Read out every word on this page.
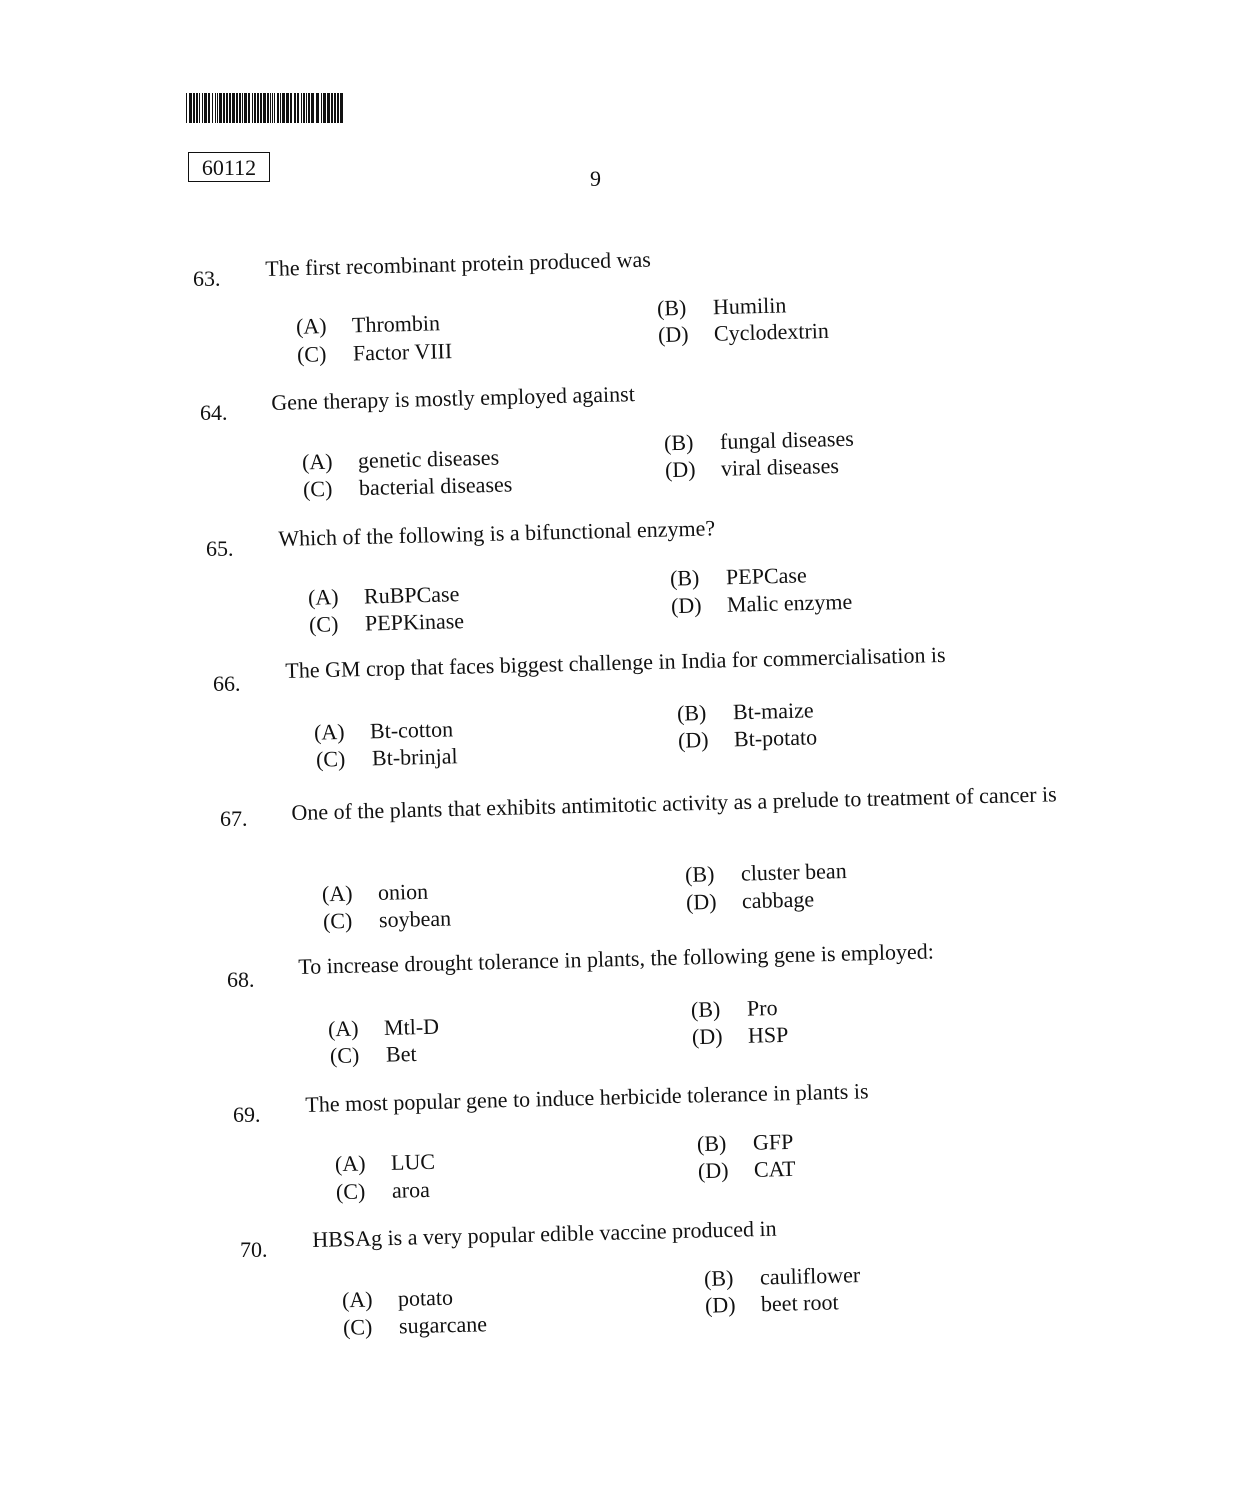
60112	9
63. The first recombinant protein produced was
(A) Thrombin
(C) Factor VIII
(B) Humilin
(D) Cyclodextrin
64. Gene therapy is mostly employed against
(A) genetic diseases
(C) bacterial diseases
(B) fungal diseases
(D) viral diseases
65. Which of the following is a bifunctional enzyme?
(A) RuBPCase
(C) PEPKinase
(B) PEPCase
(D) Malic enzyme
66.
The GM crop that faces biggest challenge in India for commercialisation is
(A) Bt-cotton
(C) Bt-brinjal
(B) Bt-maize
(D) Bt-potato
67. One of the plants that exhibits antimitotic activity as a prelude to treatment of cancer is
(A) onion
(C) soybean
(B) cluster bean
(D) cabbage
68.
To increase drought tolerance in plants, the following gene is employed:
(A) Mtl-D
(C) Bet
(B) Pro
(D) HSP
69. The most popular gene to induce herbicide tolerance in plants is
(A) LUC
(C) aroa
(B) GFP
(D) CAT
70. HBSAg is a very popular edible vaccine produced in
(A) potato
(C) sugarcane
(B) cauliflower
(D) beet root
